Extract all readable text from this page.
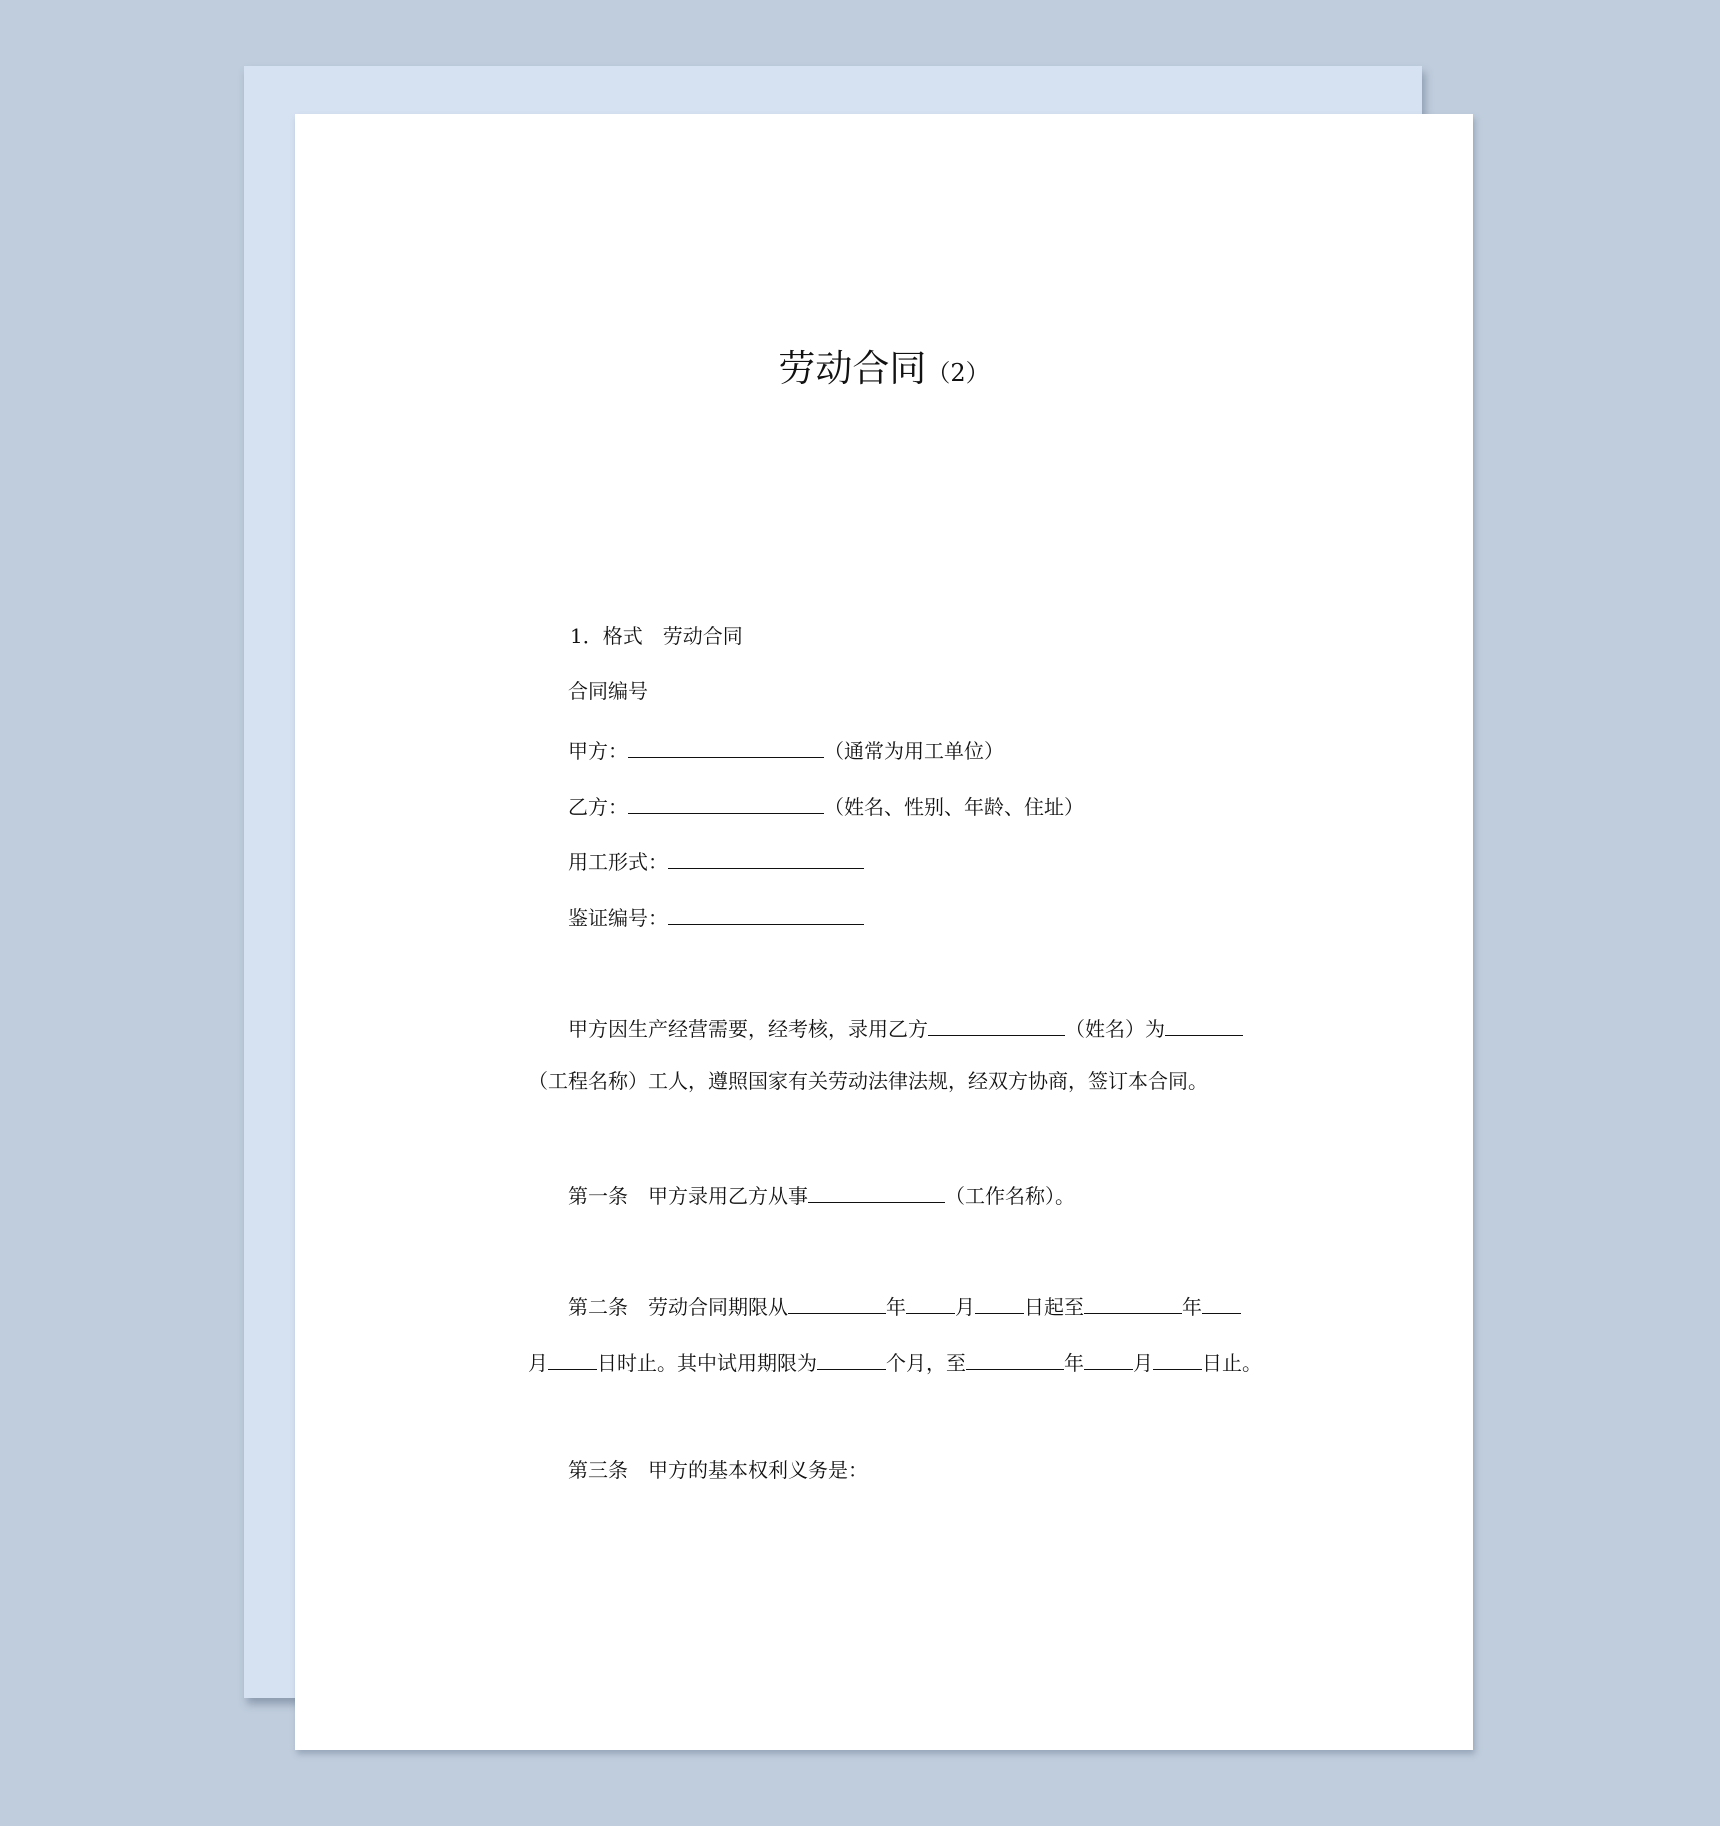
劳动合同（2）
1．格式　劳动合同
合同编号
甲方：	（通常为用工单位）
乙方：	（姓名、性别、年龄、住址）
用工形式：
鉴证编号：
甲方因生产经营需要，经考核，录用乙方	（姓名）为
（工程名称）工人，遵照国家有关劳动法律法规，经双方协商，签订本合同。
第一条　甲方录用乙方从事	（工作名称）。
第二条　劳动合同期限从	年 月 日起至	年
月 日时止。其中试用期限为	个月，至	年 月 日止。
第三条　甲方的基本权利义务是：
